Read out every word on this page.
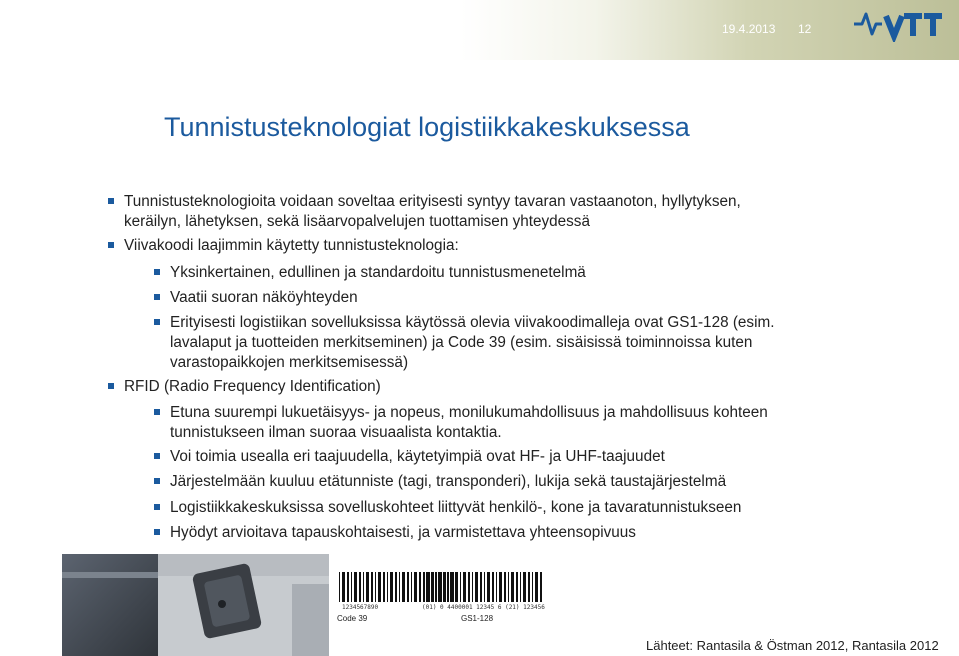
19.4.2013 12
Tunnistusteknologiat logistiikkakeskuksessa
Tunnistusteknologioita voidaan soveltaa erityisesti syntyy tavaran vastaanoton, hyllytyksen,
keräilyn, lähetyksen, sekä lisäarvopalvelujen tuottamisen yhteydessä
Viivakoodi laajimmin käytetty tunnistusteknologia:
Yksinkertainen, edullinen ja standardoitu tunnistusmenetelmä
Vaatii suoran näköyhteyden
Erityisesti logistiikan sovelluksissa käytössä olevia viivakoodimalleja ovat GS1-128 (esim.
lavalaput ja tuotteiden merkitseminen) ja Code 39 (esim. sisäisissä toiminnoissa kuten
varastopaikkojen merkitsemisessä)
RFID (Radio Frequency Identification)
Etuna suurempi lukuetäisyys- ja nopeus, monilukumahdollisuus ja mahdollisuus kohteen
tunnistukseen ilman suoraa visuaalista kontaktia.
Voi toimia usealla eri taajuudella, käytetyimpiä ovat HF- ja UHF-taajuudet
Järjestelmään kuuluu etätunniste (tagi, transponderi), lukija sekä taustajärjestelmä
Logistiikkakeskuksissa sovelluskohteet liittyvät henkilö-, kone ja tavaratunnistukseen
Hyödyt arvioitava tapauskohtaisesti, ja varmistettava yhteensopivuus
1234567890
Code 39
(01) 0 4400001 12345 6 (21) 123456
GS1-128
Lähteet: Rantasila & Östman 2012, Rantasila 2012
